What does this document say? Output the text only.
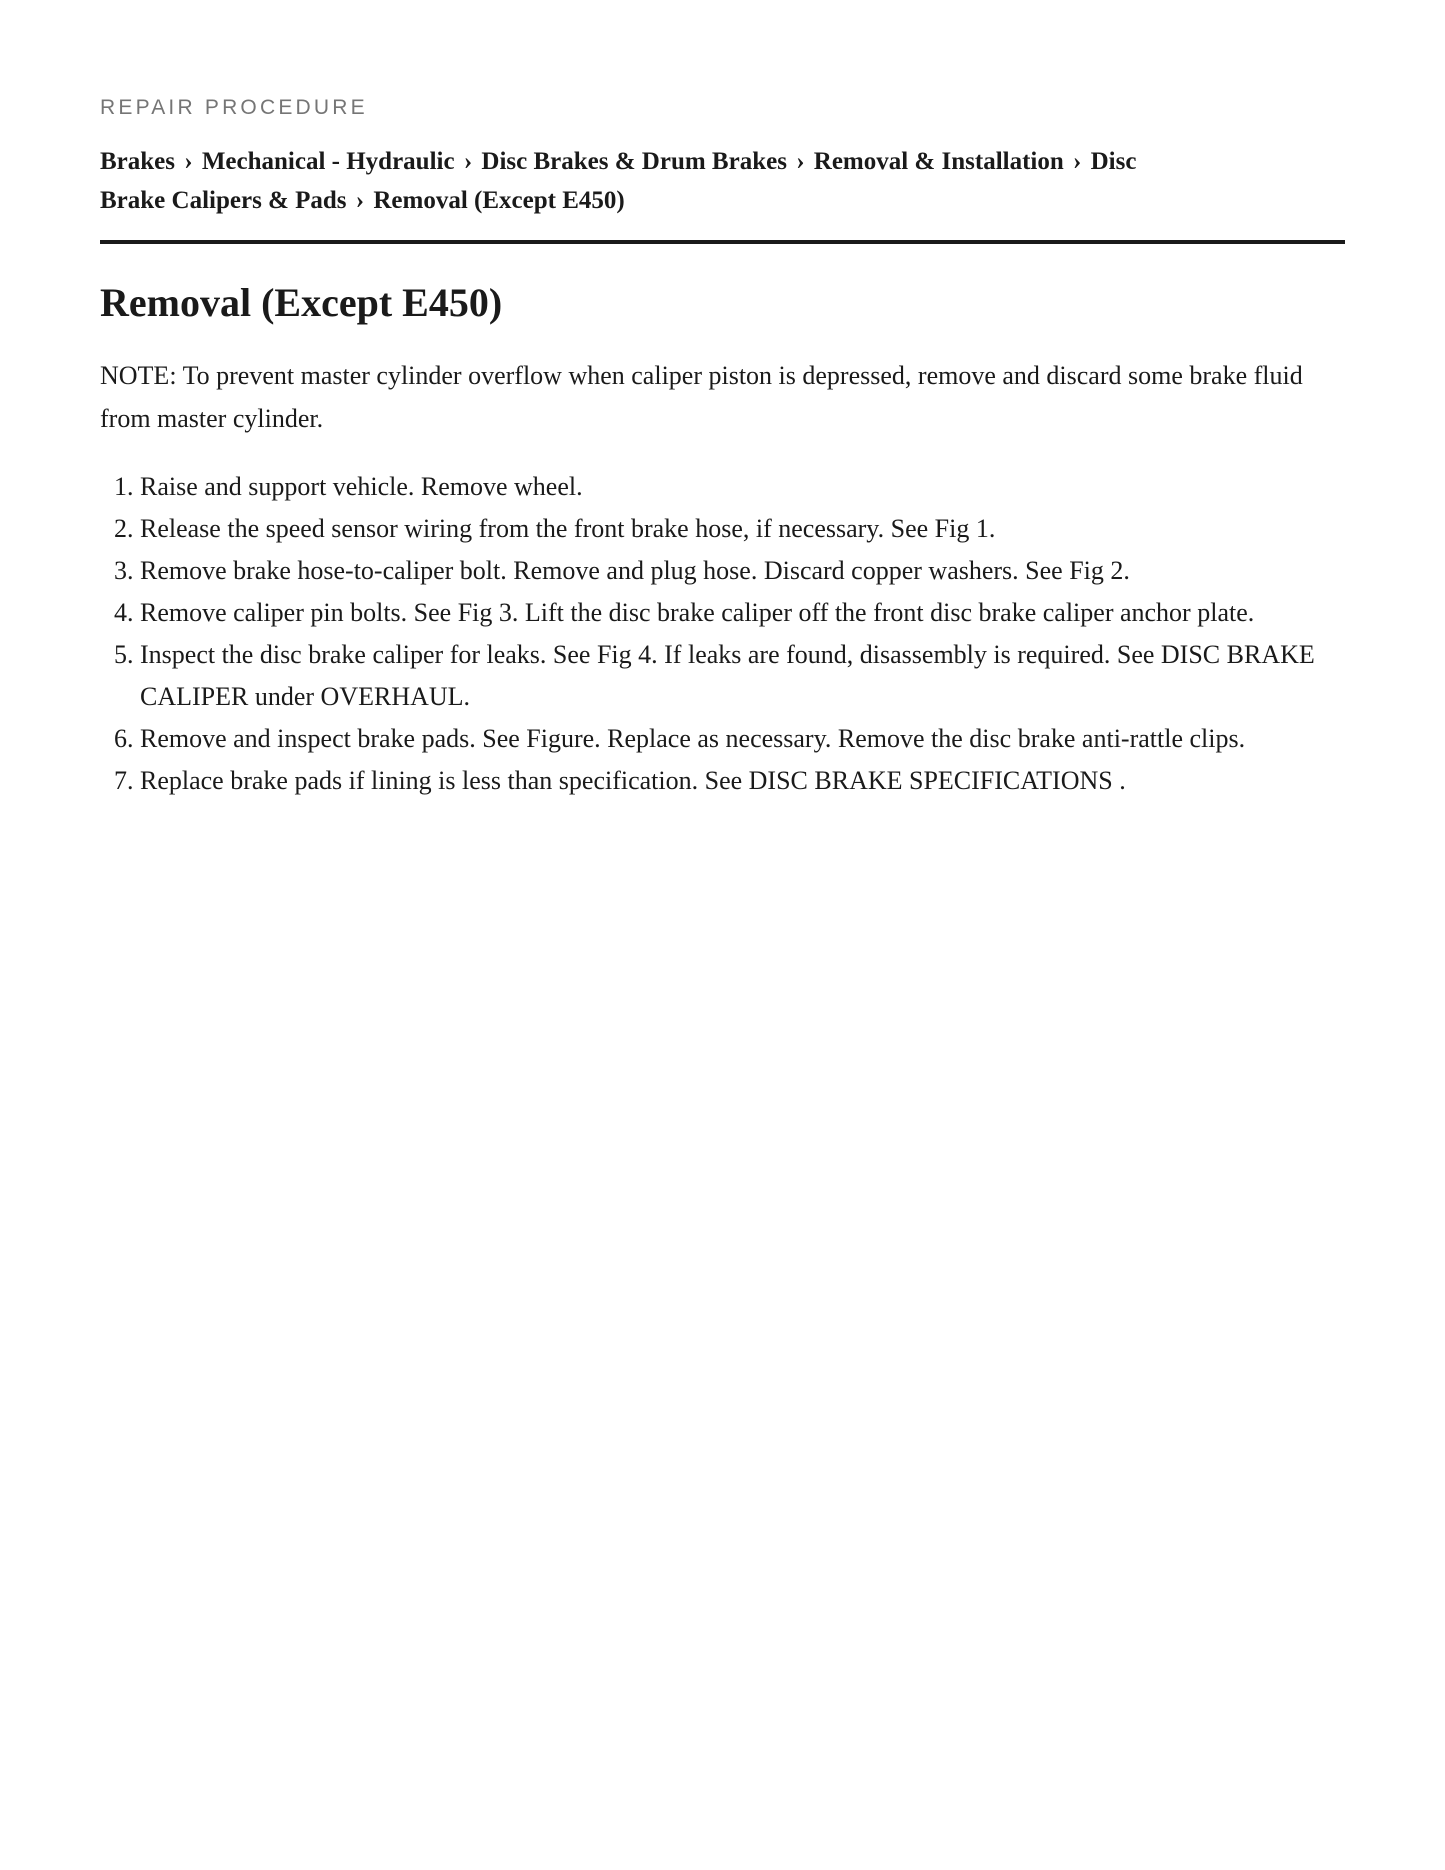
REPAIR PROCEDURE

Brakes › Mechanical - Hydraulic › Disc Brakes & Drum Brakes › Removal & Installation › Disc Brake Calipers & Pads › Removal (Except E450)

Removal (Except E450)

NOTE: To prevent master cylinder overflow when caliper piston is depressed, remove and discard some brake fluid from master cylinder.

1. Raise and support vehicle. Remove wheel.
2. Release the speed sensor wiring from the front brake hose, if necessary. See Fig 1.
3. Remove brake hose-to-caliper bolt. Remove and plug hose. Discard copper washers. See Fig 2.
4. Remove caliper pin bolts. See Fig 3. Lift the disc brake caliper off the front disc brake caliper anchor plate.
5. Inspect the disc brake caliper for leaks. See Fig 4. If leaks are found, disassembly is required. See DISC BRAKE CALIPER under OVERHAUL.
6. Remove and inspect brake pads. See Figure. Replace as necessary. Remove the disc brake anti-rattle clips.
7. Replace brake pads if lining is less than specification. See DISC BRAKE SPECIFICATIONS .
